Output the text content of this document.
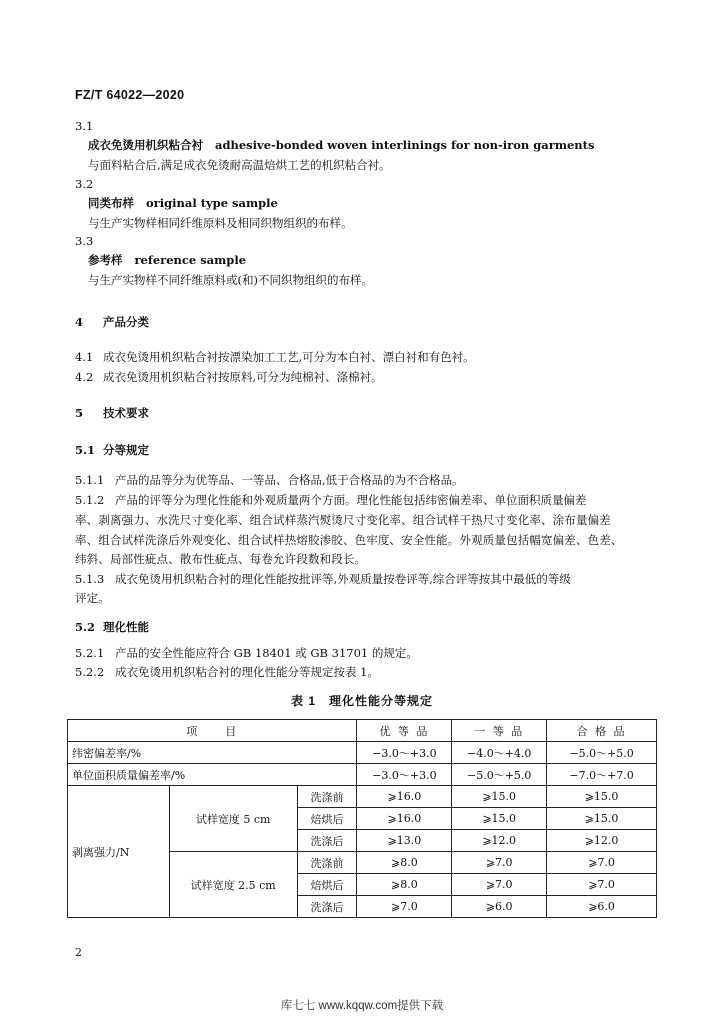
FZ/T 64022—2020
3.1
成衣免烫用机织粘合衬 adhesive-bonded woven interlinings for non-iron garments
与面料粘合后,满足成衣免烫耐高温焙烘工艺的机织粘合衬。
3.2
同类布样 original type sample
与生产实物样相同纤维原料及相同织物组织的布样。
3.3
参考样 reference sample
与生产实物样不同纤维原料或(和)不同织物组织的布样。
4 产品分类
4.1 成衣免烫用机织粘合衬按漂染加工工艺,可分为本白衬、漂白衬和有色衬。
4.2 成衣免烫用机织粘合衬按原料,可分为纯棉衬、涤棉衬。
5 技术要求
5.1 分等规定
5.1.1 产品的品等分为优等品、一等品、合格品,低于合格品的为不合格品。
5.1.2 产品的评等分为理化性能和外观质量两个方面。理化性能包括纬密偏差率、单位面积质量偏差
率、剥离强力、水洗尺寸变化率、组合试样蒸汽熨烫尺寸变化率、组合试样干热尺寸变化率、涂布量偏差
率、组合试样洗涤后外观变化、组合试样热熔胶渗胶、色牢度、安全性能。外观质量包括幅宽偏差、色差、
纬斜、局部性疵点、散布性疵点、每卷允许段数和段长。
5.1.3 成衣免烫用机织粘合衬的理化性能按批评等,外观质量按卷评等,综合评等按其中最低的等级
评定。
5.2 理化性能
5.2.1 产品的安全性能应符合 GB 18401 或 GB 31701 的规定。
5.2.2 成衣免烫用机织粘合衬的理化性能分等规定按表 1。
表 1　理化性能分等规定
项　　目			优 等 品	一 等 品	合 格 品
纬密偏差率/%			−3.0～+3.0	−4.0～+4.0	−5.0～+5.0
单位面积质量偏差率/%			−3.0～+3.0	−5.0～+5.0	−7.0～+7.0
剥离强力/N	试样宽度 5 cm	洗涤前	⩾16.0	⩾15.0	⩾15.0
		焙烘后	⩾16.0	⩾15.0	⩾15.0
		洗涤后	⩾13.0	⩾12.0	⩾12.0
	试样宽度 2.5 cm	洗涤前	⩾8.0	⩾7.0	⩾7.0
		焙烘后	⩾8.0	⩾7.0	⩾7.0
		洗涤后	⩾7.0	⩾6.0	⩾6.0
2
库七七 www.kqqw.com提供下载
